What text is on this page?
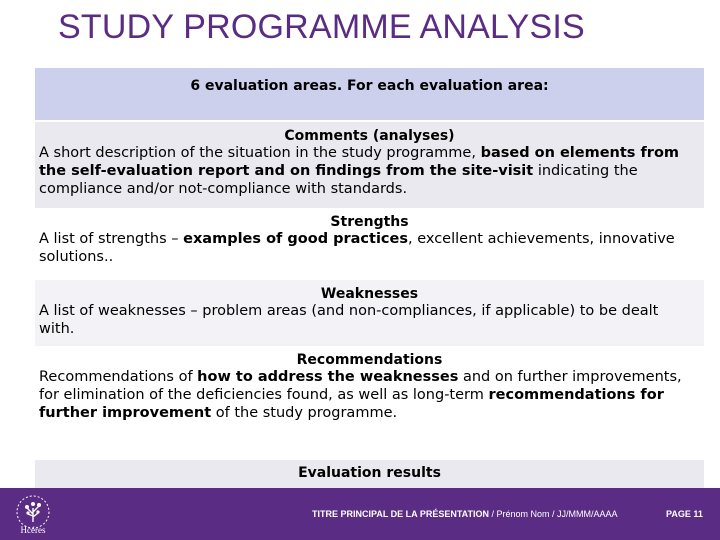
STUDY PROGRAMME ANALYSIS
6 evaluation areas. For each evaluation area:
Comments (analyses)
A short description of the situation in the study programme, based on elements from the self-evaluation report and on findings from the site-visit indicating the compliance and/or not-compliance with standards.
Strengths
A list of strengths – examples of good practices, excellent achievements, innovative solutions..
Weaknesses
A list of weaknesses – problem areas (and non-compliances, if applicable) to be dealt with.
Recommendations
Recommendations of how to address the weaknesses and on further improvements, for elimination of the deficiencies found, as well as long-term recommendations for further improvement of the study programme.
Evaluation results
Hcéres
TITRE PRINCIPAL DE LA PRÉSENTATION / Prénom Nom / JJ/MMM/AAAA	PAGE 11
